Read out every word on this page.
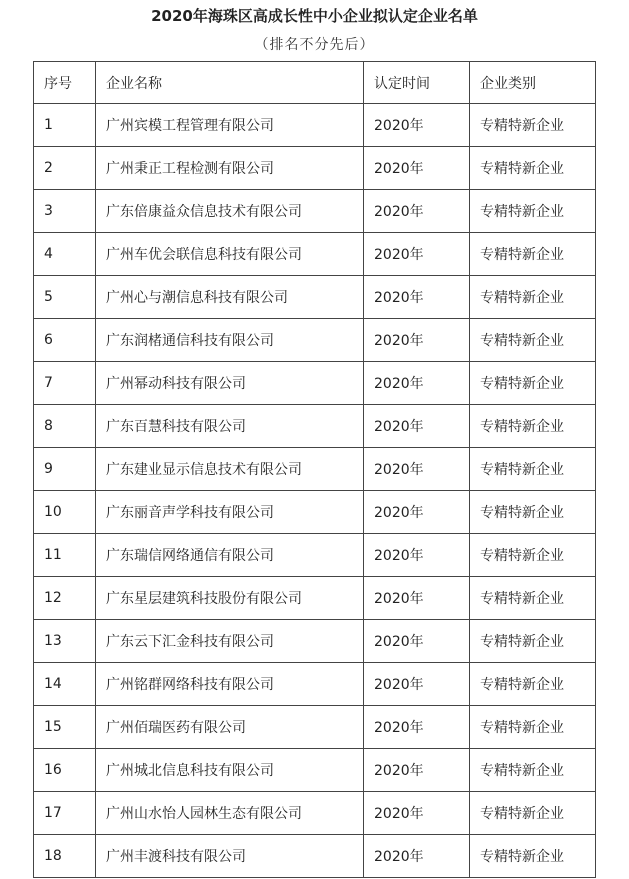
2020年海珠区高成长性中小企业拟认定企业名单
（排名不分先后）
序号	企业名称	认定时间	企业类别
1	广州宾模工程管理有限公司	2020年	专精特新企业
2	广州秉正工程检测有限公司	2020年	专精特新企业
3	广东倍康益众信息技术有限公司	2020年	专精特新企业
4	广州车优会联信息科技有限公司	2020年	专精特新企业
5	广州心与潮信息科技有限公司	2020年	专精特新企业
6	广东润楮通信科技有限公司	2020年	专精特新企业
7	广州幂动科技有限公司	2020年	专精特新企业
8	广东百慧科技有限公司	2020年	专精特新企业
9	广东建业显示信息技术有限公司	2020年	专精特新企业
10	广东丽音声学科技有限公司	2020年	专精特新企业
11	广东瑞信网络通信有限公司	2020年	专精特新企业
12	广东星层建筑科技股份有限公司	2020年	专精特新企业
13	广东云下汇金科技有限公司	2020年	专精特新企业
14	广州铭群网络科技有限公司	2020年	专精特新企业
15	广州佰瑞医药有限公司	2020年	专精特新企业
16	广州城北信息科技有限公司	2020年	专精特新企业
17	广州山水怡人园林生态有限公司	2020年	专精特新企业
18	广州丰渡科技有限公司	2020年	专精特新企业
